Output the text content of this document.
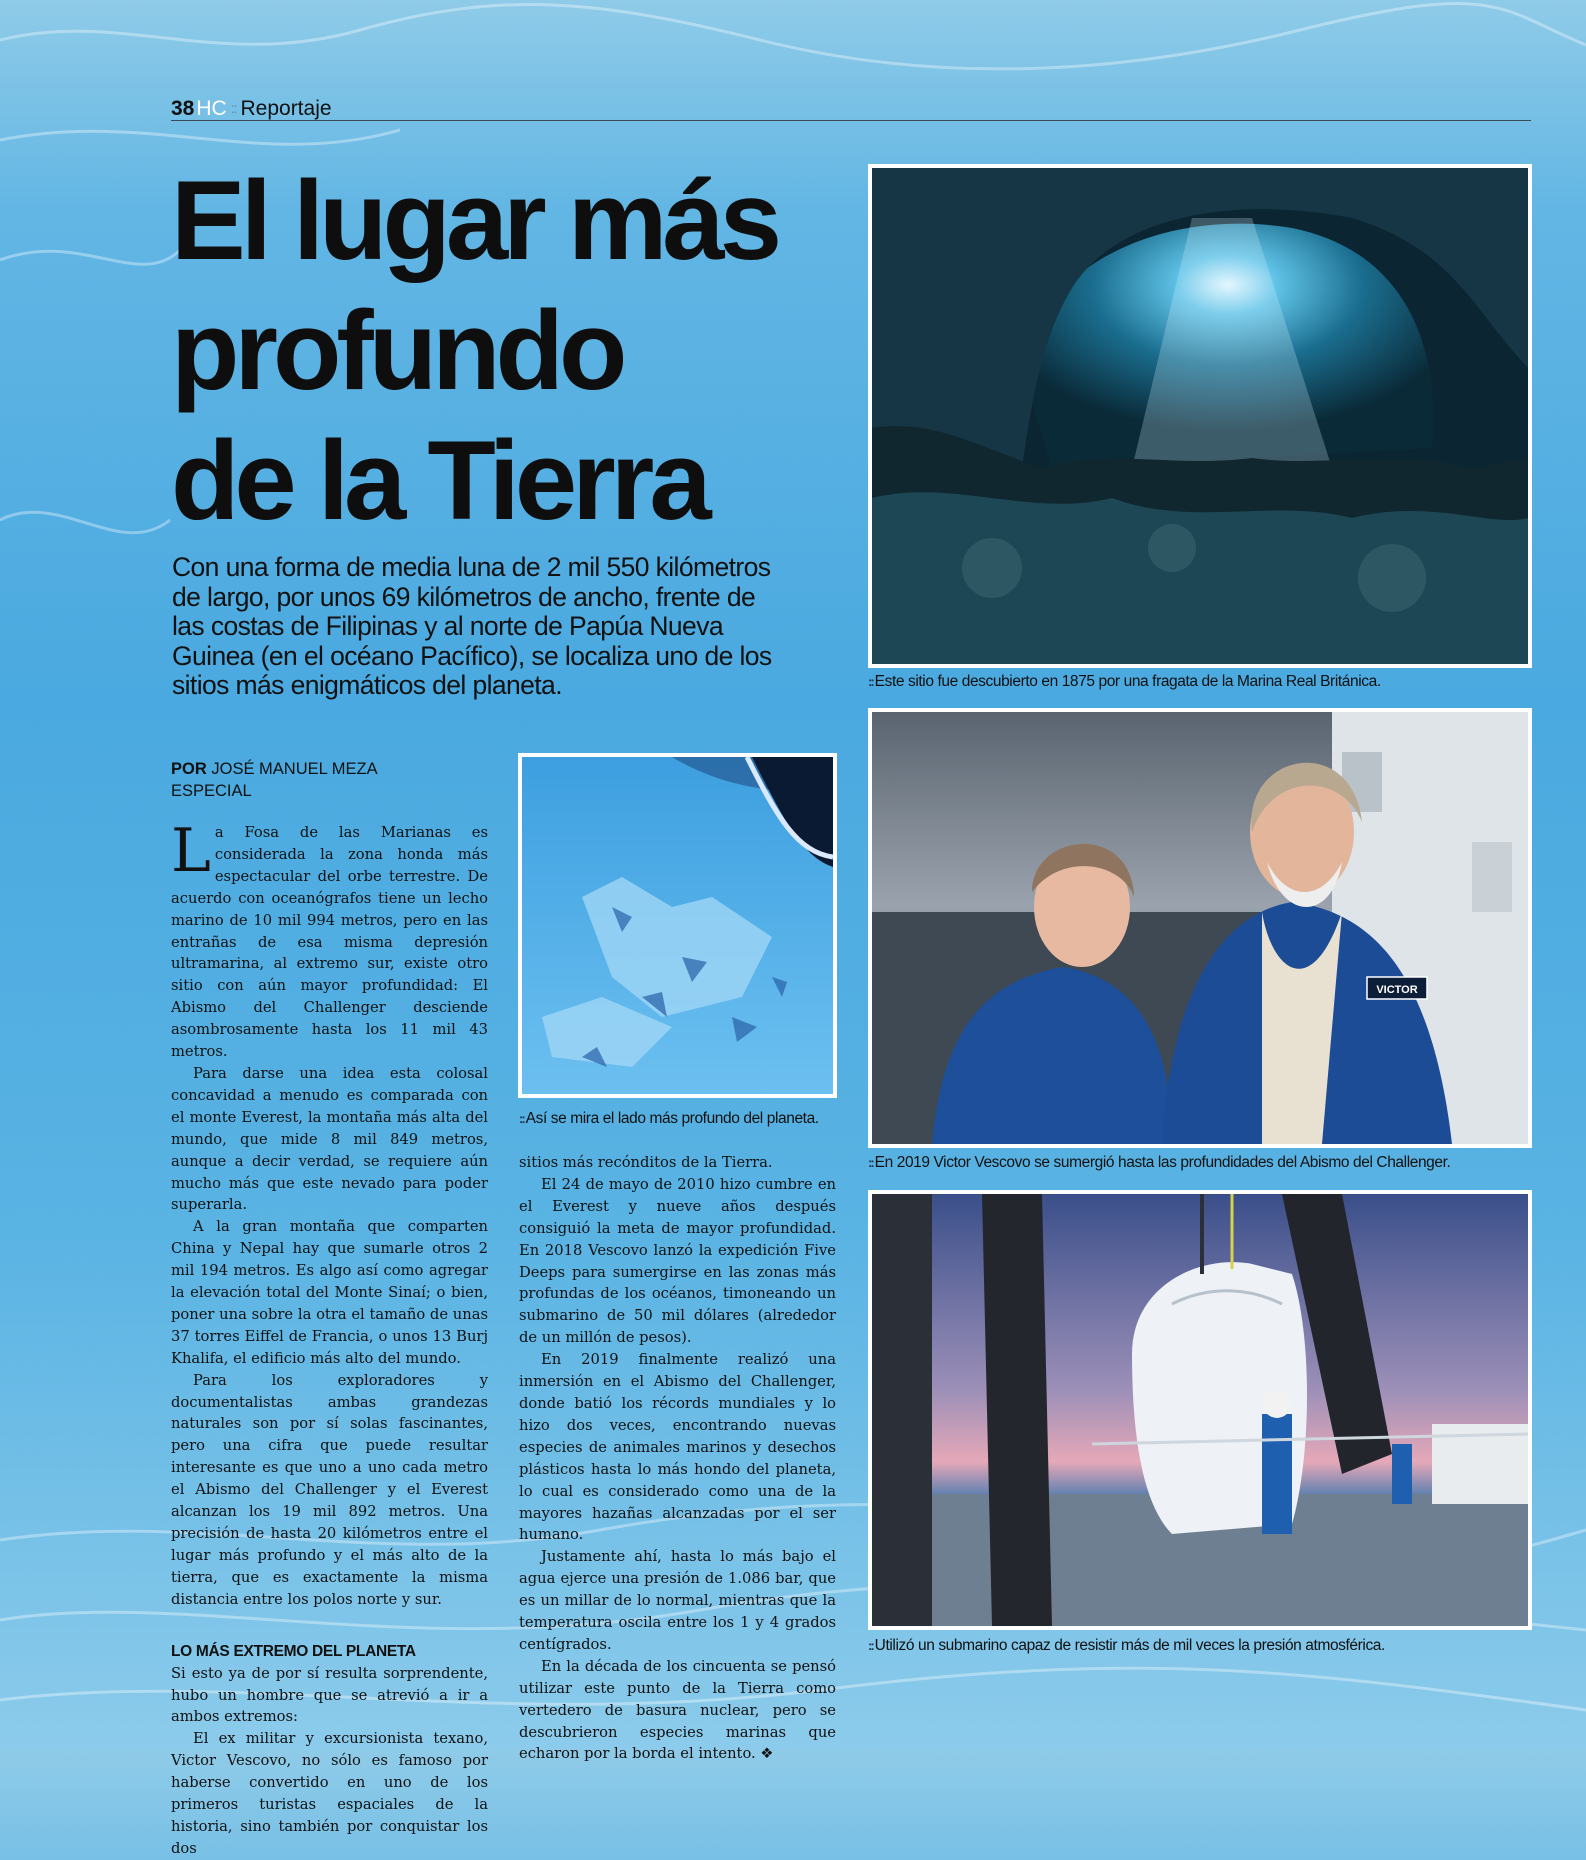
38HC :: Reportaje
El lugar más
profundo
de la Tierra

Con una forma de media luna de 2 mil 550 kilómetros de largo, por unos 69 kilómetros de ancho, frente de las costas de Filipinas y al norte de Papúa Nueva Guinea (en el océano Pacífico), se localiza uno de los sitios más enigmáticos del planeta.

POR JOSÉ MANUEL MEZA
ESPECIAL

La Fosa de las Marianas es considerada la zona honda más espectacular del orbe terrestre. De acuerdo con oceanógrafos tiene un lecho marino de 10 mil 994 metros, pero en las entrañas de esa misma depresión ultramarina, al extremo sur, existe otro sitio con aún mayor profundidad: El Abismo del Challenger desciende asombrosamente hasta los 11 mil 43 metros.

Para darse una idea esta colosal concavidad a menudo es comparada con el monte Everest, la montaña más alta del mundo, que mide 8 mil 849 metros, aunque a decir verdad, se requiere aún mucho más que este nevado para poder superarla.

A la gran montaña que comparten China y Nepal hay que sumarle otros 2 mil 194 metros. Es algo así como agregar la elevación total del Monte Sinaí; o bien, poner una sobre la otra el tamaño de unas 37 torres Eiffel de Francia, o unos 13 Burj Khalifa, el edificio más alto del mundo.

Para los exploradores y documentalistas ambas grandezas naturales son por sí solas fascinantes, pero una cifra que puede resultar interesante es que uno a uno cada metro el Abismo del Challenger y el Everest alcanzan los 19 mil 892 metros. Una precisión de hasta 20 kilómetros entre el lugar más profundo y el más alto de la tierra, que es exactamente la misma distancia entre los polos norte y sur.

LO MÁS EXTREMO DEL PLANETA

Si esto ya de por sí resulta sorprendente, hubo un hombre que se atrevió a ir a ambos extremos:

El ex militar y excursionista texano, Victor Vescovo, no sólo es famoso por haberse convertido en uno de los primeros turistas espaciales de la historia, sino también por conquistar los dos

sitios más recónditos de la Tierra.

El 24 de mayo de 2010 hizo cumbre en el Everest y nueve años después consiguió la meta de mayor profundidad. En 2018 Vescovo lanzó la expedición Five Deeps para sumergirse en las zonas más profundas de los océanos, timoneando un submarino de 50 mil dólares (alrededor de un millón de pesos).

En 2019 finalmente realizó una inmersión en el Abismo del Challenger, donde batió los récords mundiales y lo hizo dos veces, encontrando nuevas especies de animales marinos y desechos plásticos hasta lo más hondo del planeta, lo cual es considerado como una de la mayores hazañas alcanzadas por el ser humano.

Justamente ahí, hasta lo más bajo el agua ejerce una presión de 1.086 bar, que es un millar de lo normal, mientras que la temperatura oscila entre los 1 y 4 grados centígrados.

En la década de los cincuenta se pensó utilizar este punto de la Tierra como vertedero de basura nuclear, pero se descubrieron especies marinas que echaron por la borda el intento. ❖

:: Así se mira el lado más profundo del planeta.
:: Este sitio fue descubierto en 1875 por una fragata de la Marina Real Británica.
VICTOR
:: En 2019 Victor Vescovo se sumergió hasta las profundidades del Abismo del Challenger.
:: Utilizó un submarino capaz de resistir más de mil veces la presión atmosférica.
